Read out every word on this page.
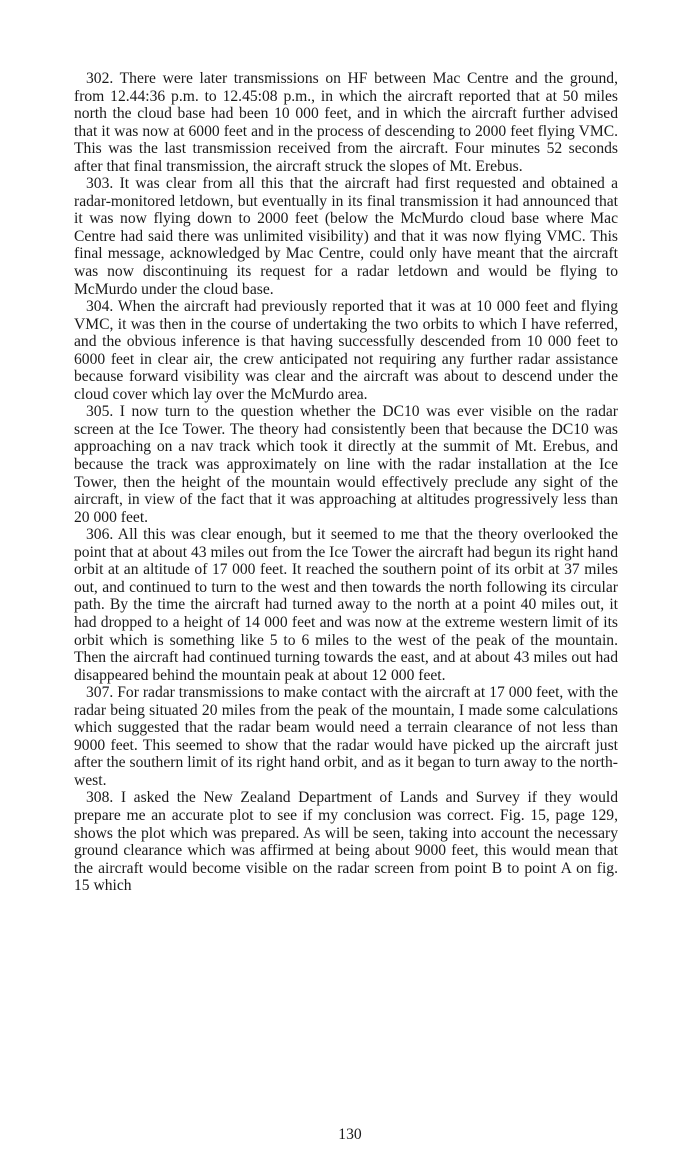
302. There were later transmissions on HF between Mac Centre and the ground, from 12.44:36 p.m. to 12.45:08 p.m., in which the aircraft reported that at 50 miles north the cloud base had been 10 000 feet, and in which the aircraft further advised that it was now at 6000 feet and in the process of descending to 2000 feet flying VMC. This was the last transmission received from the aircraft. Four minutes 52 seconds after that final transmission, the aircraft struck the slopes of Mt. Erebus.

303. It was clear from all this that the aircraft had first requested and obtained a radar-monitored letdown, but eventually in its final transmission it had announced that it was now flying down to 2000 feet (below the McMurdo cloud base where Mac Centre had said there was unlimited visibility) and that it was now flying VMC. This final message, acknowledged by Mac Centre, could only have meant that the aircraft was now discontinuing its request for a radar letdown and would be flying to McMurdo under the cloud base.

304. When the aircraft had previously reported that it was at 10 000 feet and flying VMC, it was then in the course of undertaking the two orbits to which I have referred, and the obvious inference is that having successfully descended from 10 000 feet to 6000 feet in clear air, the crew anticipated not requiring any further radar assistance because forward visibility was clear and the aircraft was about to descend under the cloud cover which lay over the McMurdo area.

305. I now turn to the question whether the DC10 was ever visible on the radar screen at the Ice Tower. The theory had consistently been that because the DC10 was approaching on a nav track which took it directly at the summit of Mt. Erebus, and because the track was approximately on line with the radar installation at the Ice Tower, then the height of the mountain would effectively preclude any sight of the aircraft, in view of the fact that it was approaching at altitudes progressively less than 20 000 feet.

306. All this was clear enough, but it seemed to me that the theory overlooked the point that at about 43 miles out from the Ice Tower the aircraft had begun its right hand orbit at an altitude of 17 000 feet. It reached the southern point of its orbit at 37 miles out, and continued to turn to the west and then towards the north following its circular path. By the time the aircraft had turned away to the north at a point 40 miles out, it had dropped to a height of 14 000 feet and was now at the extreme western limit of its orbit which is something like 5 to 6 miles to the west of the peak of the mountain. Then the aircraft had continued turning towards the east, and at about 43 miles out had disappeared behind the mountain peak at about 12 000 feet.

307. For radar transmissions to make contact with the aircraft at 17 000 feet, with the radar being situated 20 miles from the peak of the mountain, I made some calculations which suggested that the radar beam would need a terrain clearance of not less than 9000 feet. This seemed to show that the radar would have picked up the aircraft just after the southern limit of its right hand orbit, and as it began to turn away to the north-west.

308. I asked the New Zealand Department of Lands and Survey if they would prepare me an accurate plot to see if my conclusion was correct. Fig. 15, page 129, shows the plot which was prepared. As will be seen, taking into account the necessary ground clearance which was affirmed at being about 9000 feet, this would mean that the aircraft would become visible on the radar screen from point B to point A on fig. 15 which

130
